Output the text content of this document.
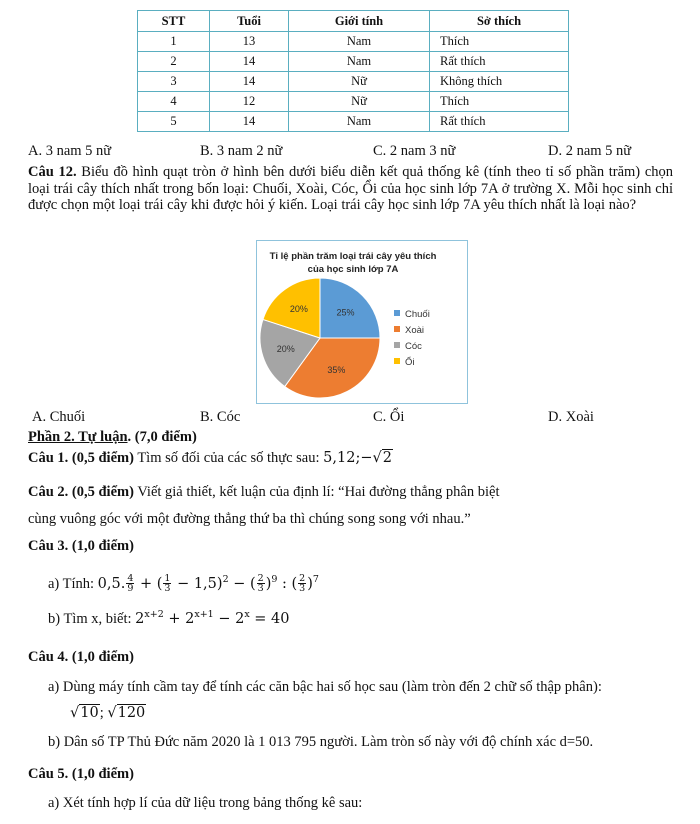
STT	Tuổi	Giới tính	Sở thích
1	13	Nam	Thích
2	14	Nam	Rất thích
3	14	Nữ	Không thích
4	12	Nữ	Thích
5	14	Nam	Rất thích
A. 3 nam 5 nữ	B. 3 nam 2 nữ	C. 2 nam 3 nữ	D. 2 nam 5 nữ
Câu 12. Biểu đồ hình quạt tròn ở hình bên dưới biểu diễn kết quả thống kê (tính theo tỉ số phần trăm) chọn loại trái cây thích nhất trong bốn loại: Chuối, Xoài, Cóc, Ổi của học sinh lớp 7A ở trường X. Mỗi học sinh chỉ được chọn một loại trái cây khi được hỏi ý kiến. Loại trái cây học sinh lớp 7A yêu thích nhất là loại nào?
Tỉ lệ phần trăm loại trái cây yêu thích
của học sinh lớp 7A
25%
35%
20%
20%
Chuối
Xoài
Cóc
Ổi
A. Chuối	B. Cóc	C. Ổi	D. Xoài
Phần 2. Tự luận. (7,0 điểm)
Câu 1. (0,5 điểm) Tìm số đối của các số thực sau: 5,12;−√2
Câu 2. (0,5 điểm) Viết giả thiết, kết luận của định lí: “Hai đường thẳng phân biệt
cùng vuông góc với một đường thẳng thứ ba thì chúng song song với nhau.”
Câu 3. (1,0 điểm)
a) Tính: 0,5. $\frac{4}{9}$ + ( $\frac{1}{3} - 1,5)^2$ − ( $\frac{2}{3} )^9$ : ( $\frac{2}{3} )^7$
b) Tìm x, biết: $2^{x+2} + 2^{x+1} - 2^x = 40$
Câu 4. (1,0 điểm)
a) Dùng máy tính cầm tay để tính các căn bậc hai số học sau (làm tròn đến 2 chữ số thập phân):
√10; √120
b) Dân số TP Thủ Đức năm 2020 là 1 013 795 người. Làm tròn số này với độ chính xác d=50.
Câu 5. (1,0 điểm)
a) Xét tính hợp lí của dữ liệu trong bảng thống kê sau:
